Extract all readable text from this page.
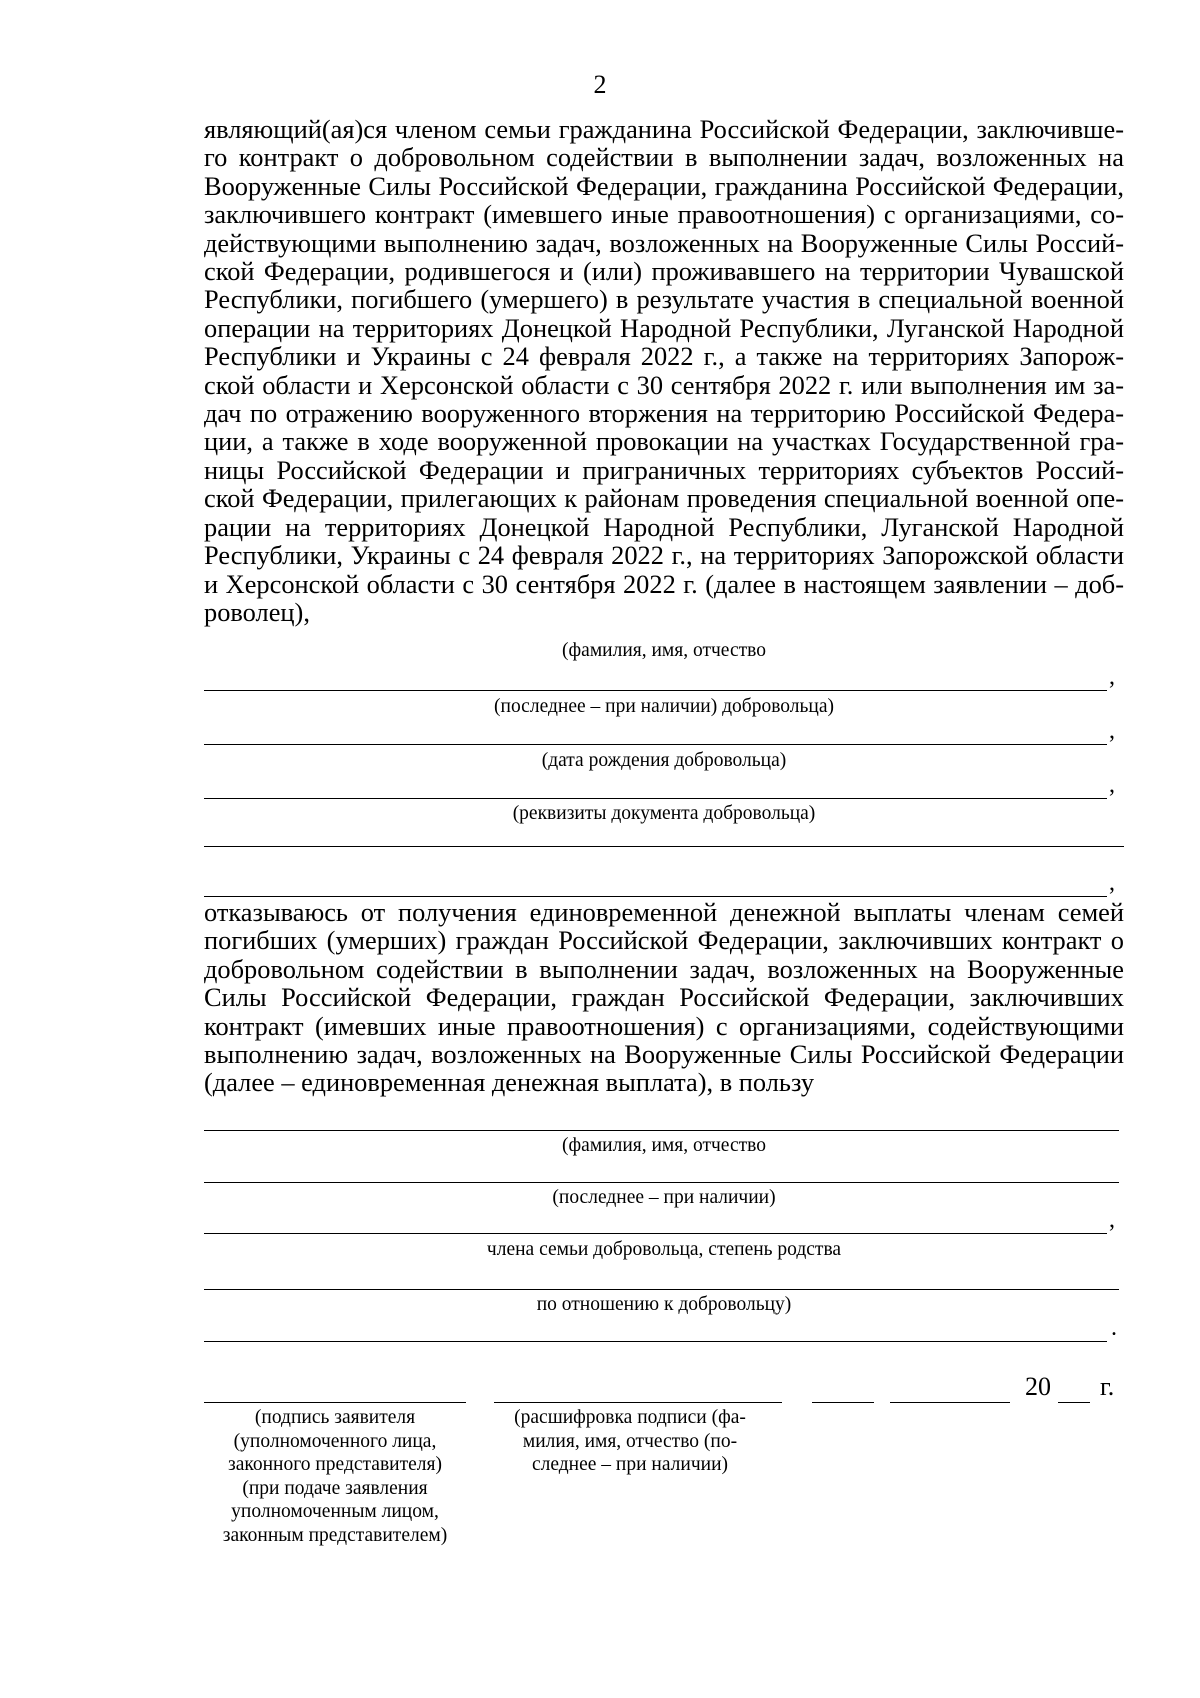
2
являющий(ая)ся членом семьи гражданина Российской Федерации, заключивше-
го контракт о добровольном содействии в выполнении задач, возложенных на
Вооруженные Силы Российской Федерации, гражданина Российской Федерации,
заключившего контракт (имевшего иные правоотношения) с организациями, со-
действующими выполнению задач, возложенных на Вооруженные Силы Россий-
ской Федерации, родившегося и (или) проживавшего на территории Чувашской
Республики, погибшего (умершего) в результате участия в специальной военной
операции на территориях Донецкой Народной Республики, Луганской Народной
Республики и Украины с 24 февраля 2022 г., а также на территориях Запорож-
ской области и Херсонской области с 30 сентября 2022 г. или выполнения им за-
дач по отражению вооруженного вторжения на территорию Российской Федера-
ции, а также в ходе вооруженной провокации на участках Государственной гра-
ницы Российской Федерации и приграничных территориях субъектов Россий-
ской Федерации, прилегающих к районам проведения специальной военной опе-
рации на территориях Донецкой Народной Республики, Луганской Народной
Республики, Украины с 24 февраля 2022 г., на территориях Запорожской области
и Херсонской области с 30 сентября 2022 г. (далее в настоящем заявлении – доб-
роволец),
(фамилия, имя, отчество
,
(последнее – при наличии) добровольца)
,
(дата рождения добровольца)
,
(реквизиты документа добровольца)
,
отказываюсь от получения единовременной денежной выплаты членам семей
погибших (умерших) граждан Российской Федерации, заключивших контракт о
добровольном содействии в выполнении задач, возложенных на Вооруженные
Силы Российской Федерации, граждан Российской Федерации, заключивших
контракт (имевших иные правоотношения) с организациями, содействующими
выполнению задач, возложенных на Вооруженные Силы Российской Федерации
(далее – единовременная денежная выплата), в пользу
(фамилия, имя, отчество
(последнее – при наличии)
,
члена семьи добровольца, степень родства
по отношению к добровольцу)
.
20 г.
(подпись заявителя
(уполномоченного лица,
законного представителя)
(при подаче заявления
уполномоченным лицом,
законным представителем)
(расшифровка подписи (фа-
милия, имя, отчество (по-
следнее – при наличии)
